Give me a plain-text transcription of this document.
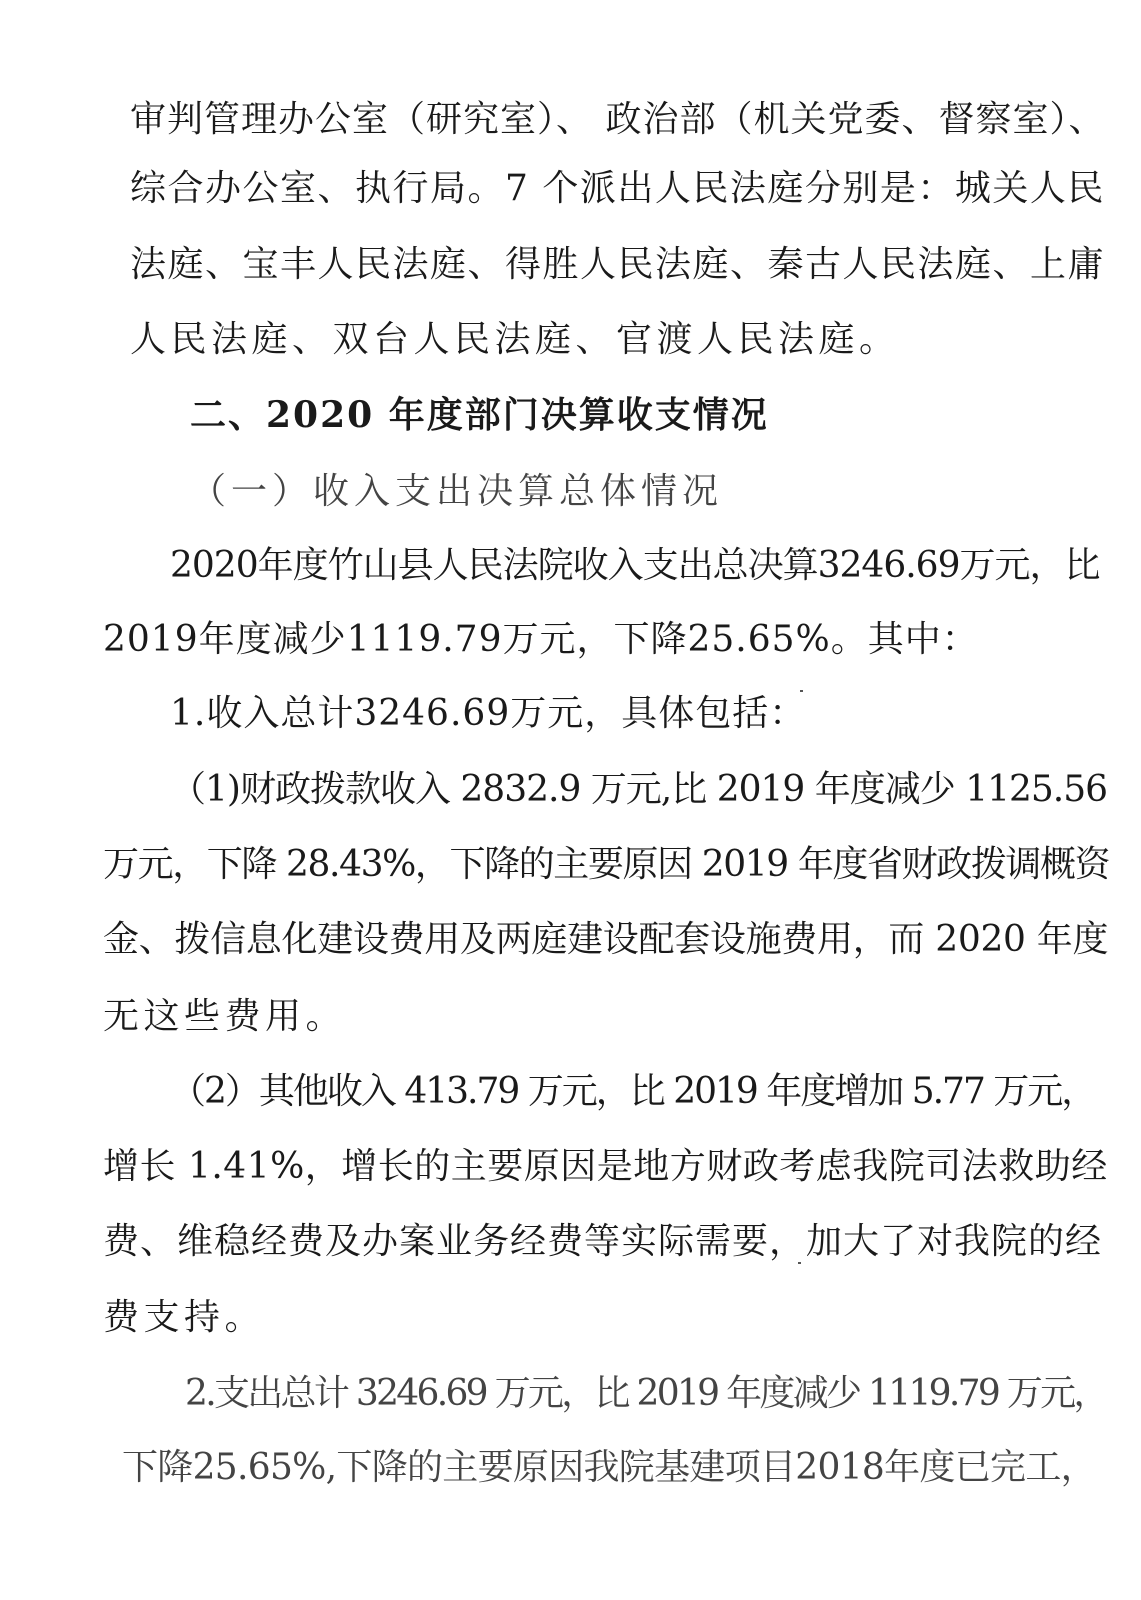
审判管理办公室（研究室）、 政治部（机关党委、督察室）、
综合办公室、执行局。7 个派出人民法庭分别是：城关人民
法庭、宝丰人民法庭、得胜人民法庭、秦古人民法庭、上庸
人民法庭、双台人民法庭、官渡人民法庭。
二、2020 年度部门决算收支情况
（一）收入支出决算总体情况
2020年度竹山县人民法院收入支出总决算3246.69万元，比
2019年度减少1119.79万元，下降25.65%。其中：
1.收入总计3246.69万元，具体包括：
（1)财政拨款收入 2832.9 万元,比 2019 年度减少 1125.56
万元，下降 28.43%，下降的主要原因 2019 年度省财政拨调概资
金、拨信息化建设费用及两庭建设配套设施费用，而 2020 年度
无这些费用。
（2）其他收入 413.79 万元，比 2019 年度增加 5.77 万元，
增长 1.41%，增长的主要原因是地方财政考虑我院司法救助经
费、维稳经费及办案业务经费等实际需要，加大了对我院的经
费支持。
2.支出总计 3246.69 万元，比 2019 年度减少 1119.79 万元，
下降25.65%,下降的主要原因我院基建项目2018年度已完工，
